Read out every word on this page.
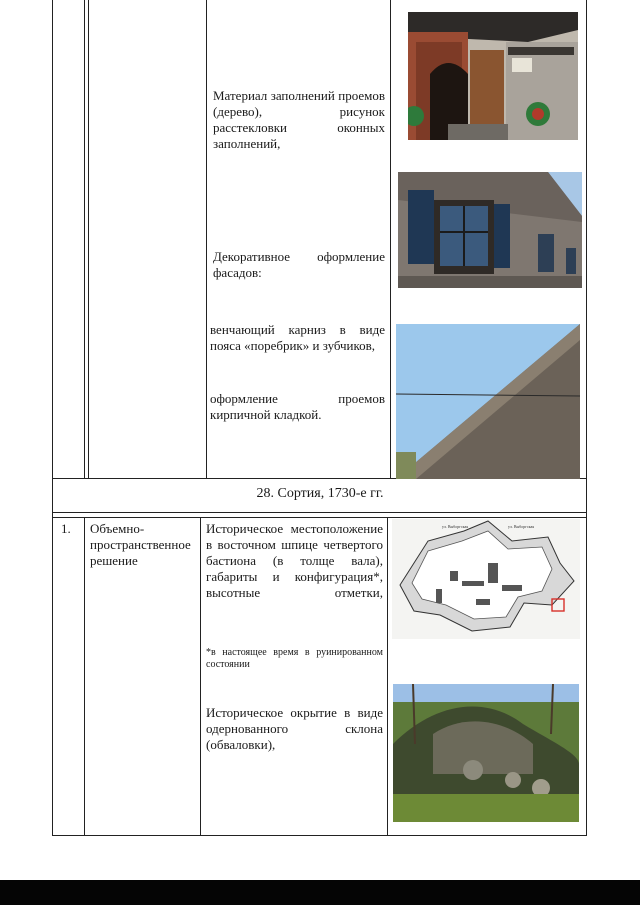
Материал заполнений проемов (дерево), рисунок расстекловки оконных заполнений,
Декоративное оформление фасадов:
венчающий карниз в виде пояса «поребрик» и зубчиков,
оформление проемов кирпичной кладкой.
28. Сортия, 1730-е гг.
1.	Объемно-пространственное решение
Историческое местоположение в восточном шпице четвертого бастиона (в толще вала), габариты и конфигурация*, высотные отметки,
*в настоящее время в руинированном состоянии
Историческое окрытие в виде одернованного склона (обваловки),
ул. Выборгская	ул. Выборгская
